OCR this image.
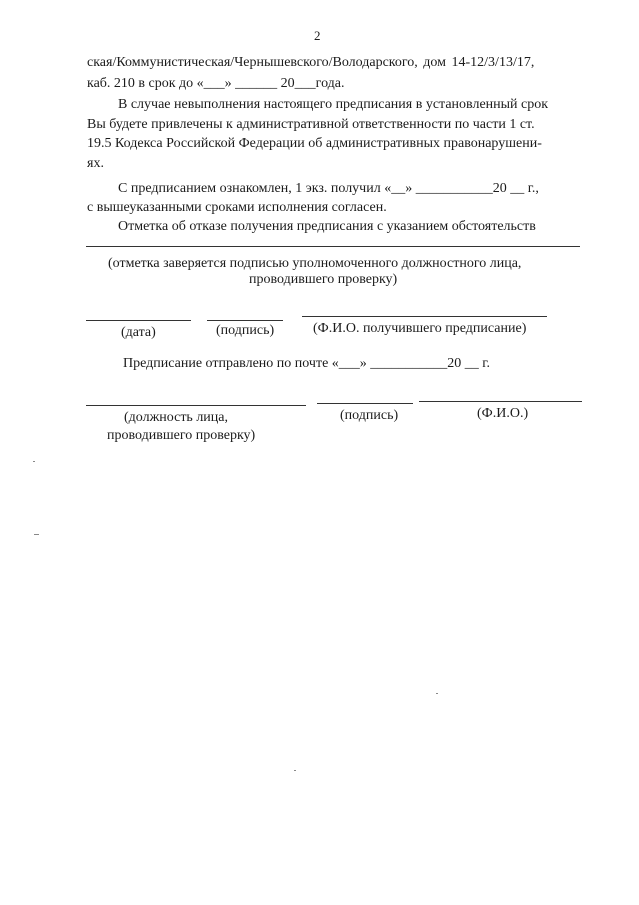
2
ская/Коммунистическая/Чернышевского/Володарского, дом 14-12/3/13/17,
каб. 210 в срок до «___» ______ 20___года.
В случае невыполнения настоящего предписания в установленный срок
Вы будете привлечены к административной ответственности по части 1 ст.
19.5 Кодекса Российской Федерации об административных правонарушени-
ях.
С предписанием ознакомлен, 1 экз. получил «__» ___________20 __ г.,
с вышеуказанными сроками исполнения согласен.
Отметка об отказе получения предписания с указанием обстоятельств
(отметка заверяется подписью уполномоченного должностного лица,
проводившего проверку)
(дата)	(подпись)	(Ф.И.О. получившего предписание)
Предписание отправлено по почте «___» ___________20 __ г.
(должность лица,
проводившего проверку)
(подпись)	(Ф.И.О.)
